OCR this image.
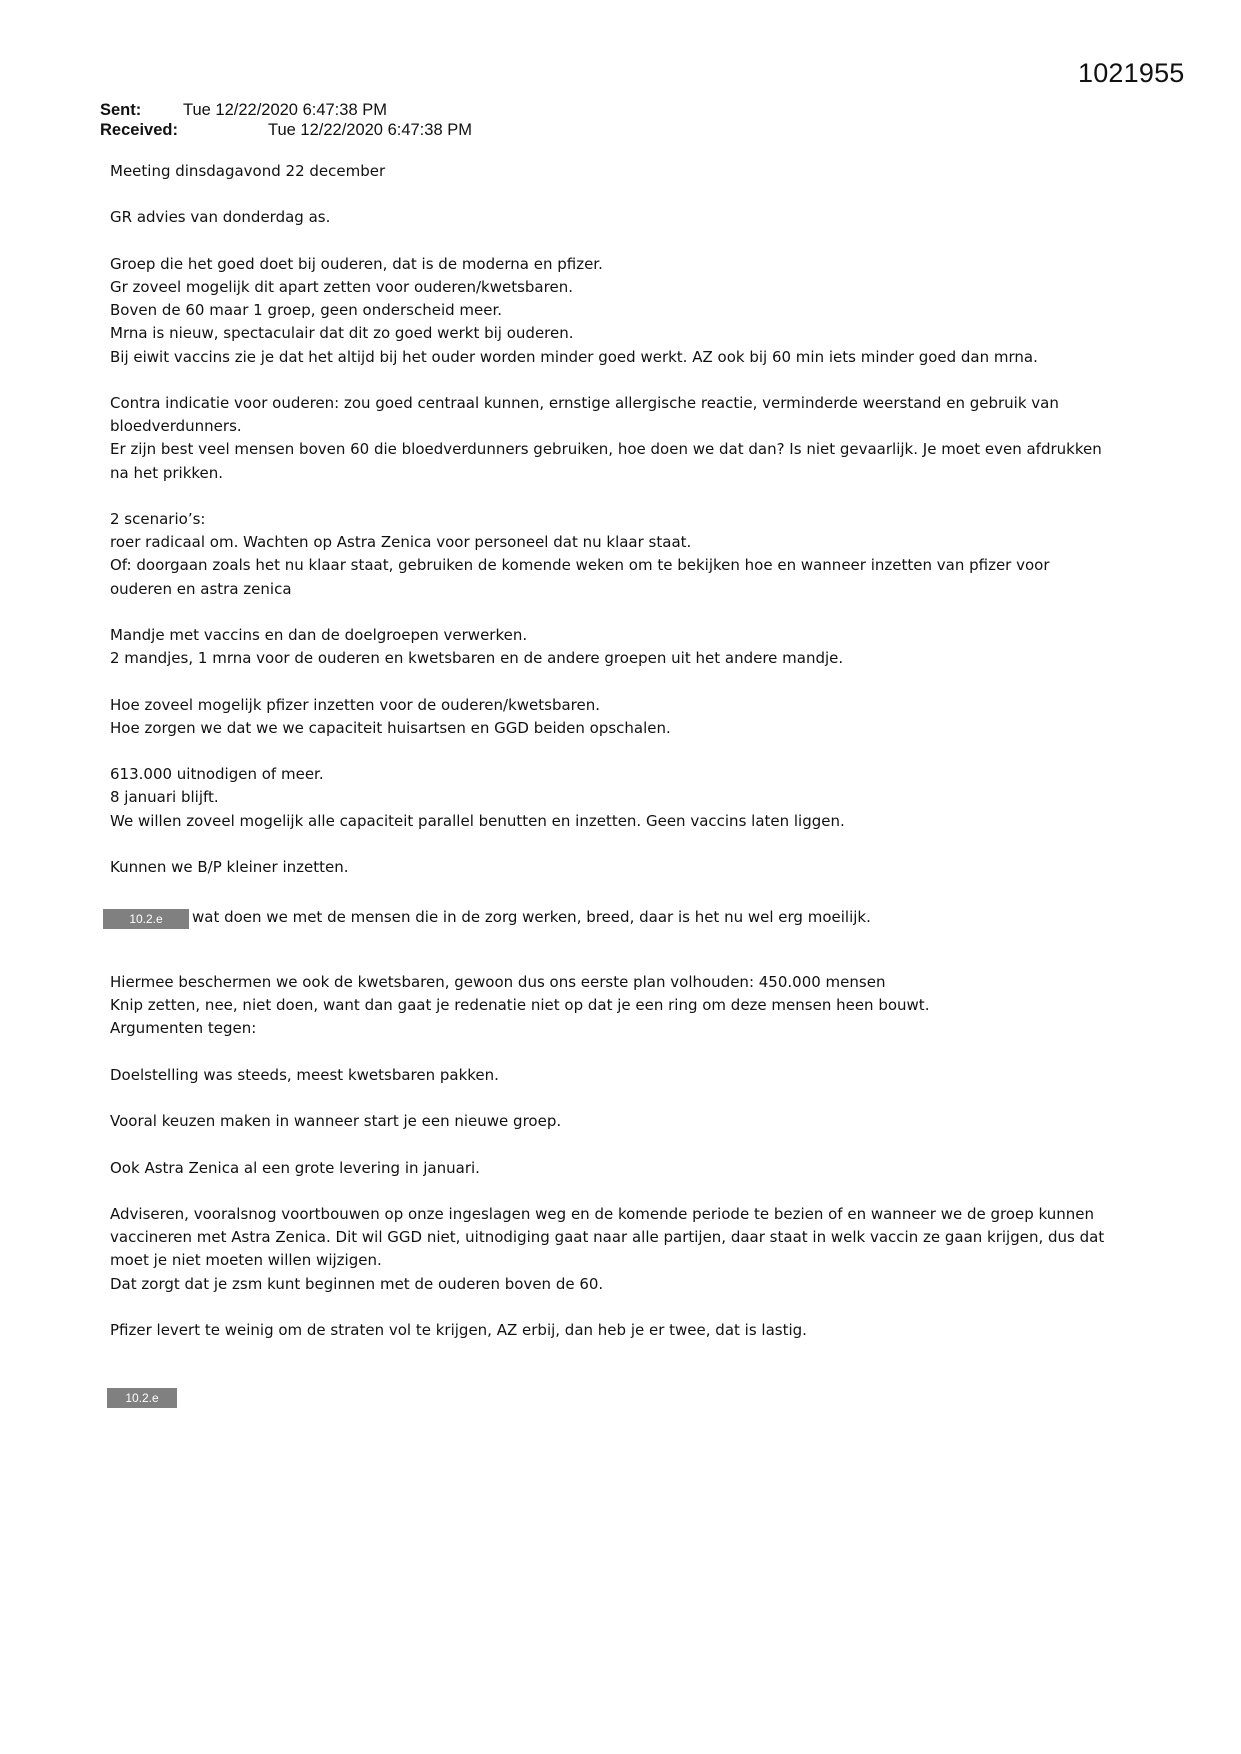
1021955
Sent:	Tue 12/22/2020 6:47:38 PM
Received:	Tue 12/22/2020 6:47:38 PM

Meeting dinsdagavond 22 december

GR advies van donderdag as.

Groep die het goed doet bij ouderen, dat is de moderna en pfizer.
Gr zoveel mogelijk dit apart zetten voor ouderen/kwetsbaren.
Boven de 60 maar 1 groep, geen onderscheid meer.
Mrna is nieuw, spectaculair dat dit zo goed werkt bij ouderen.
Bij eiwit vaccins zie je dat het altijd bij het ouder worden minder goed werkt. AZ ook bij 60 min iets minder goed dan mrna.

Contra indicatie voor ouderen: zou goed centraal kunnen, ernstige allergische reactie, verminderde weerstand en gebruik van
bloedverdunners.
Er zijn best veel mensen boven 60 die bloedverdunners gebruiken, hoe doen we dat dan? Is niet gevaarlijk. Je moet even afdrukken
na het prikken.

2 scenario’s:
roer radicaal om. Wachten op Astra Zenica voor personeel dat nu klaar staat.
Of: doorgaan zoals het nu klaar staat, gebruiken de komende weken om te bekijken hoe en wanneer inzetten van pfizer voor
ouderen en astra zenica

Mandje met vaccins en dan de doelgroepen verwerken.
2 mandjes, 1 mrna voor de ouderen en kwetsbaren en de andere groepen uit het andere mandje.

Hoe zoveel mogelijk pfizer inzetten voor de ouderen/kwetsbaren.
Hoe zorgen we dat we we capaciteit huisartsen en GGD beiden opschalen.

613.000 uitnodigen of meer.
8 januari blijft.
We willen zoveel mogelijk alle capaciteit parallel benutten en inzetten. Geen vaccins laten liggen.

Kunnen we B/P kleiner inzetten.

10.2.e	wat doen we met de mensen die in de zorg werken, breed, daar is het nu wel erg moeilijk.

Hiermee beschermen we ook de kwetsbaren, gewoon dus ons eerste plan volhouden: 450.000 mensen
Knip zetten, nee, niet doen, want dan gaat je redenatie niet op dat je een ring om deze mensen heen bouwt.
Argumenten tegen:

Doelstelling was steeds, meest kwetsbaren pakken.

Vooral keuzen maken in wanneer start je een nieuwe groep.

Ook Astra Zenica al een grote levering in januari.

Adviseren, vooralsnog voortbouwen op onze ingeslagen weg en de komende periode te bezien of en wanneer we de groep kunnen
vaccineren met Astra Zenica. Dit wil GGD niet, uitnodiging gaat naar alle partijen, daar staat in welk vaccin ze gaan krijgen, dus dat
moet je niet moeten willen wijzigen.
Dat zorgt dat je zsm kunt beginnen met de ouderen boven de 60.

Pfizer levert te weinig om de straten vol te krijgen, AZ erbij, dan heb je er twee, dat is lastig.

10.2.e
